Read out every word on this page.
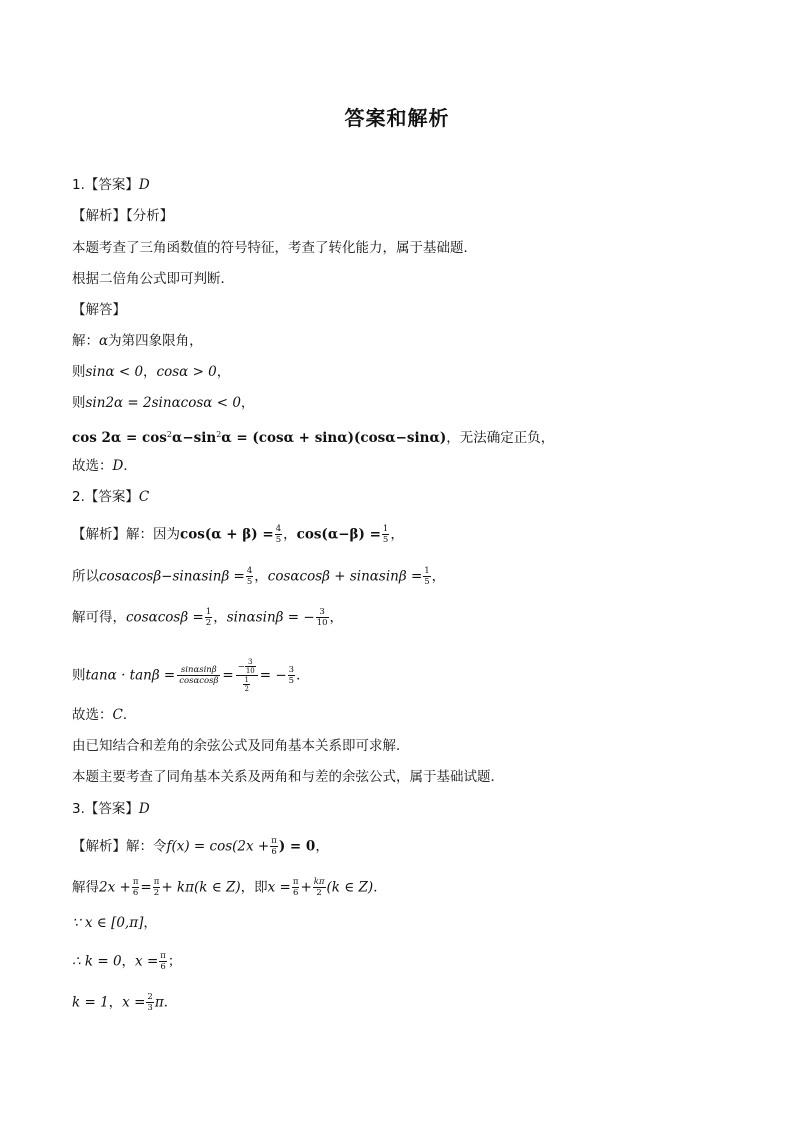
答案和解析
1.【答案】D
【解析】【分析】
本题考查了三角函数值的符号特征，考查了转化能力，属于基础题．
根据二倍角公式即可判断．
【解答】
解：α为第四象限角，
则sinα < 0，cosα > 0，
则sin2α = 2sinαcosα < 0，
$\cos 2\alpha = \cos^2\alpha-\sin^2\alpha = (\cos\alpha + \sin\alpha)(\cos\alpha-\sin\alpha)$，无法确定正负，
故选：D．
2.【答案】C
【解析】解：因为$\cos(\alpha + \beta) = \frac{4}{5}$ ，$\cos(\alpha-\beta) = \frac{1}{5}$ ，
所以$\cos\alpha\cos\beta-\sin\alpha\sin\beta = \frac{4}{5}$ ，$\cos\alpha\cos\beta + \sin\alpha\sin\beta = \frac{1}{5}$ ，
解可得，$\cos\alpha\cos\beta = \frac{1}{2}$ ，sinαsinβ = − $\frac{3}{10}$ ，
则$\tan\alpha \cdot \tan\beta = \frac{\sin\alpha\sin\beta}{\cos\alpha\cos\beta} = \frac{- \frac{3}{10}}{\frac{1}{2}}$ = − $\frac{3}{5}$ ．
故选：C．
由已知结合和差角的余弦公式及同角基本关系即可求解．
本题主要考查了同角基本关系及两角和与差的余弦公式，属于基础试题．
3.【答案】D
【解析】解：令$f(x) = \cos(2x + \frac{\pi}{6}$ ) = 0，
解得$2x + \frac{\pi}{6} = \frac{\pi}{2} + k\pi(k$ ∈ Z)，即$x = \frac{\pi}{6} + \frac{k\pi}{2} (k$ ∈ Z)．
∵ x ∈ [0,π]，
∴ k = 0，$x = \frac{\pi}{6}$ ；
k = 1，$x = \frac{2}{3}$ π．
